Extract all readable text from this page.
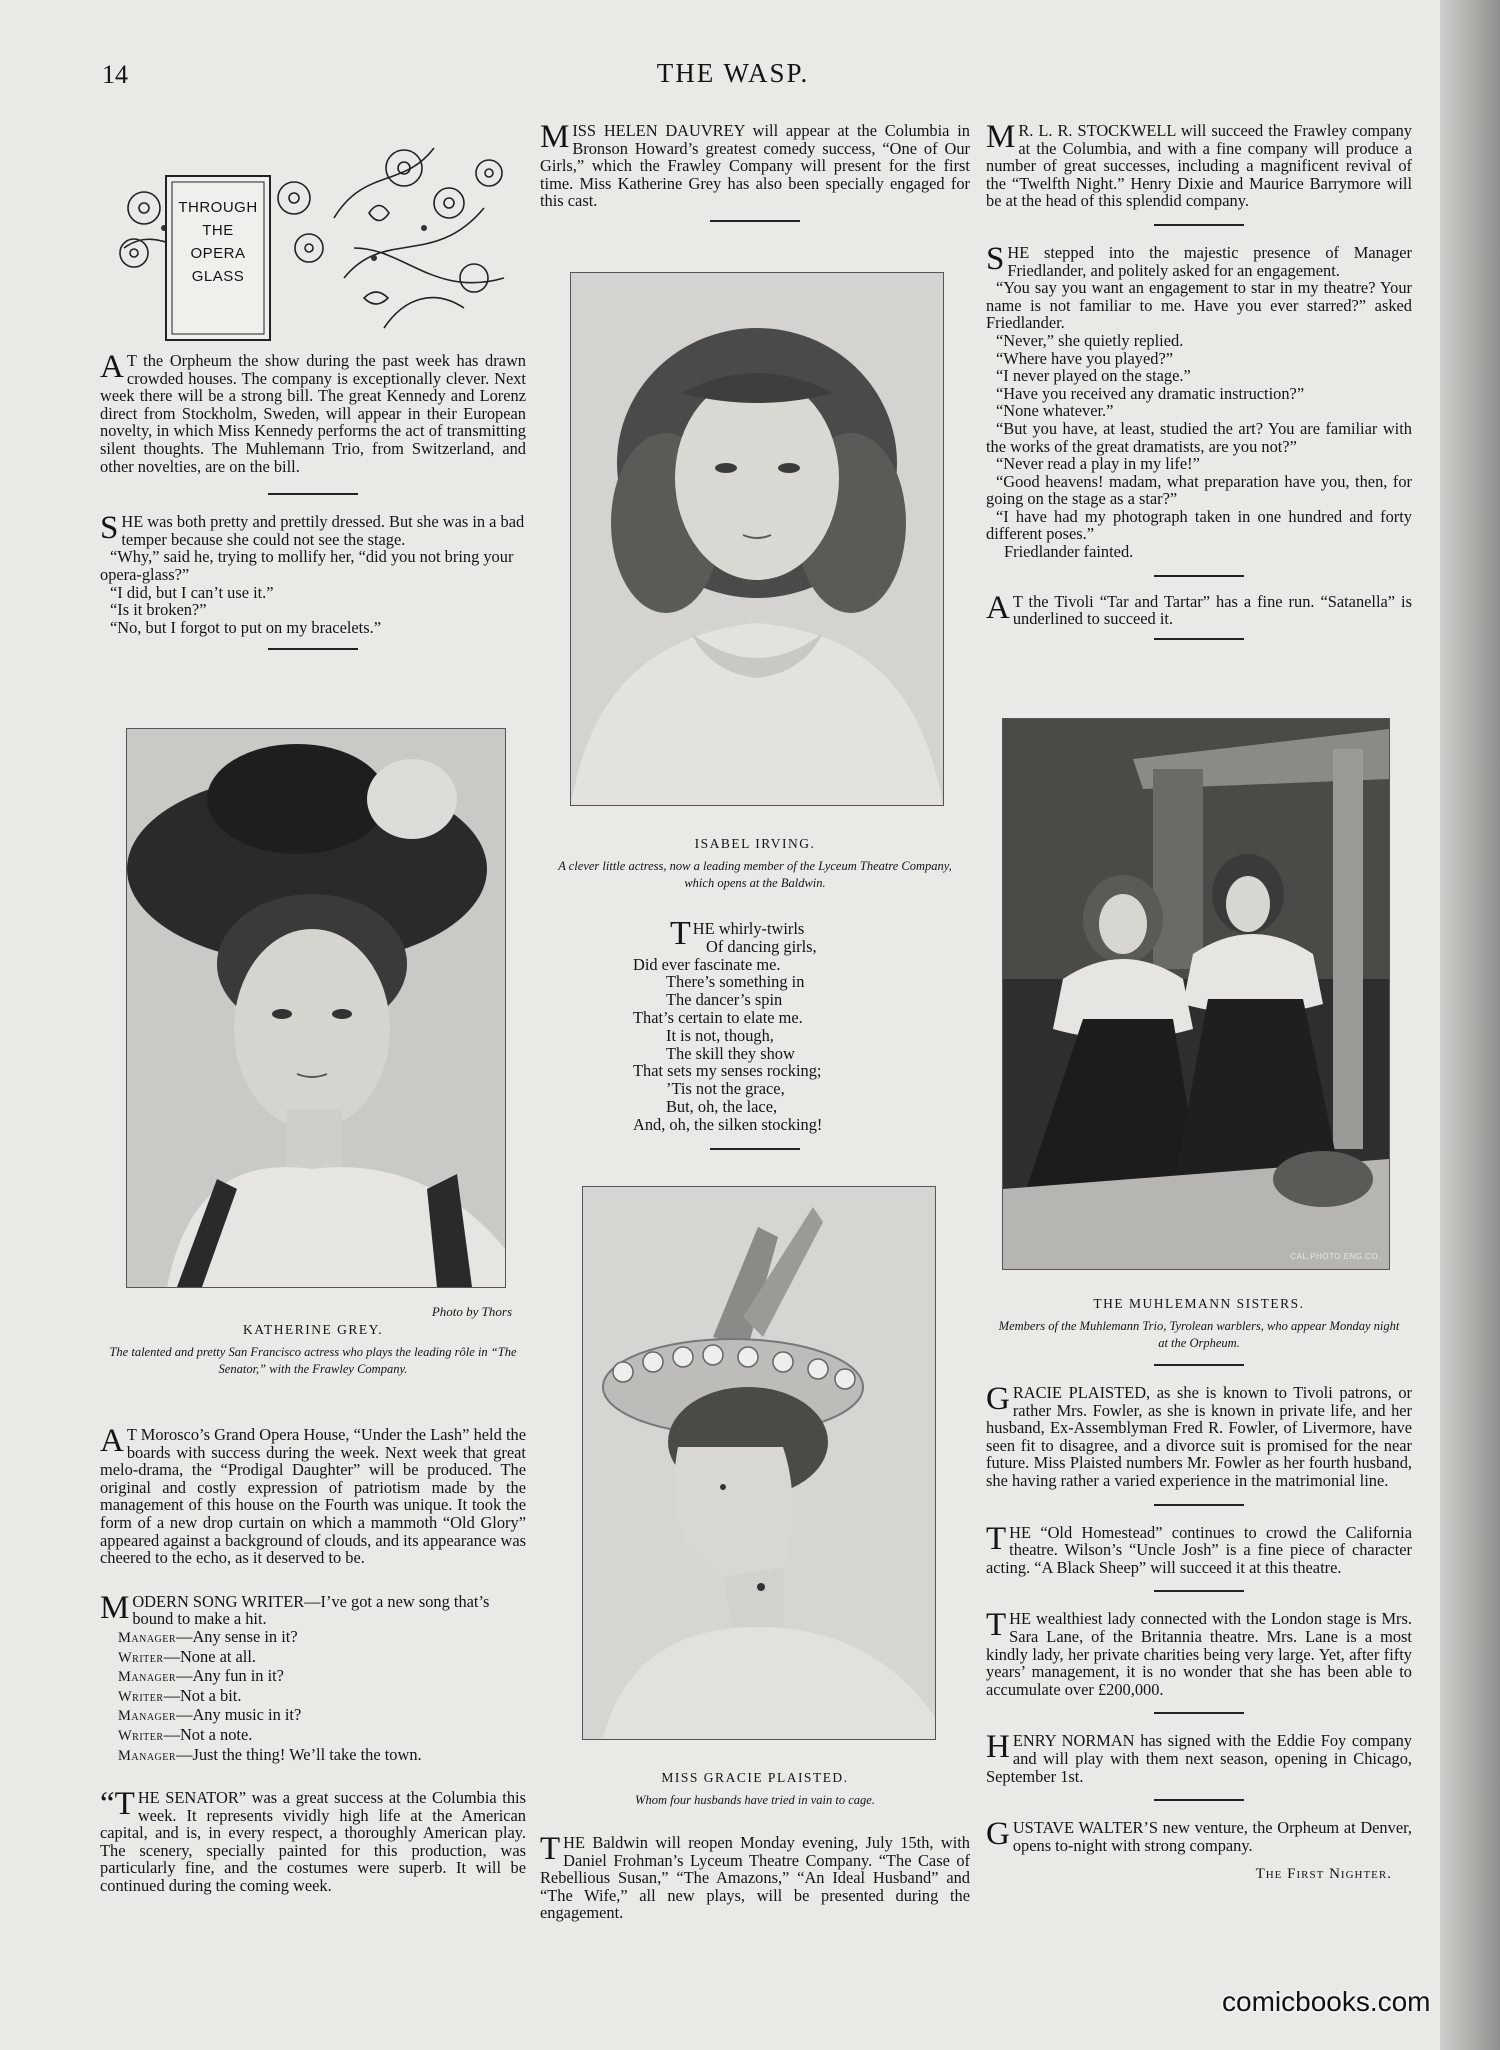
14	THE WASP.
THROUGH
THE
OPERA
GLASS

A T the Orpheum the show during the past week has drawn crowded houses. The company is exceptionally clever. Next week there will be a strong bill. The great Kennedy and Lorenz direct from Stockholm, Sweden, will appear in their European novelty, in which Miss Kennedy performs the act of transmitting silent thoughts. The Muhlemann Trio, from Switzerland, and other novelties, are on the bill.

SHE was both pretty and prettily dressed. But she was in a bad temper because she could not see the stage.

“Why,” said he, trying to mollify her, “did you not bring your opera-glass?”

“I did, but I can’t use it.”

“Is it broken?”

“No, but I forgot to put on my bracelets.”

Photo by Thors

KATHERINE GREY.

The talented and pretty San Francisco actress who plays the leading rôle in “The Senator,” with the Frawley Company.

A T Morosco’s Grand Opera House, “Under the Lash” held the boards with success during the week. Next week that great melo-drama, the “Prodigal Daughter” will be produced. The original and costly expression of patriotism made by the management of this house on the Fourth was unique. It took the form of a new drop curtain on which a mammoth “Old Glory” appeared against a background of clouds, and its appearance was cheered to the echo, as it deserved to be.

MODERN SONG WRITER—I’ve got a new song that’s bound to make a hit.

Manager—Any sense in it?

Writer—None at all.

Manager—Any fun in it?

Writer—Not a bit.

Manager—Any music in it?

Writer—Not a note.

Manager—Just the thing! We’ll take the town.

“THE SENATOR” was a great success at the Columbia this week. It represents vividly high life at the American capital, and is, in every respect, a thoroughly American play. The scenery, specially painted for this production, was particularly fine, and the costumes were superb. It will be continued during the coming week.

MISS HELEN DAUVREY will appear at the Columbia in Bronson Howard’s greatest comedy success, “One of Our Girls,” which the Frawley Company will present for the first time. Miss Katherine Grey has also been specially engaged for this cast.

ISABEL IRVING.

A clever little actress, now a leading member of the Lyceum Theatre Company, which opens at the Baldwin.

THE whirly-twirls
Of dancing girls,
Did ever fascinate me.
There’s something in
The dancer’s spin
That’s certain to elate me.
It is not, though,
The skill they show
That sets my senses rocking;
’Tis not the grace,
But, oh, the lace,
And, oh, the silken stocking!

MISS GRACIE PLAISTED.

Whom four husbands have tried in vain to cage.

THE Baldwin will reopen Monday evening, July 15th, with Daniel Frohman’s Lyceum Theatre Company. “The Case of Rebellious Susan,” “The Amazons,” “An Ideal Husband” and “The Wife,” all new plays, will be presented during the engagement.

M R. L. R. STOCKWELL will succeed the Frawley company at the Columbia, and with a fine company will produce a number of great successes, including a magnificent revival of the “Twelfth Night.” Henry Dixie and Maurice Barrymore will be at the head of this splendid company.

SHE stepped into the majestic presence of Manager Friedlander, and politely asked for an engagement.

“You say you want an engagement to star in my theatre? Your name is not familiar to me. Have you ever starred?” asked Friedlander.

“Never,” she quietly replied.

“Where have you played?”

“I never played on the stage.”

“Have you received any dramatic instruction?”

“None whatever.”

“But you have, at least, studied the art? You are familiar with the works of the great dramatists, are you not?”

“Never read a play in my life!”

“Good heavens! madam, what preparation have you, then, for going on the stage as a star?”

“I have had my photograph taken in one hundred and forty different poses.”

Friedlander fainted.

A T the Tivoli “Tar and Tartar” has a fine run. “Satanella” is underlined to succeed it.

CAL.PHOTO.ENG.CO.

THE MUHLEMANN SISTERS.

Members of the Muhlemann Trio, Tyrolean warblers, who appear Monday night at the Orpheum.

GRACIE PLAISTED, as she is known to Tivoli patrons, or rather Mrs. Fowler, as she is known in private life, and her husband, Ex-Assemblyman Fred R. Fowler, of Livermore, have seen fit to disagree, and a divorce suit is promised for the near future. Miss Plaisted numbers Mr. Fowler as her fourth husband, she having rather a varied experience in the matrimonial line.

THE “Old Homestead” continues to crowd the California theatre. Wilson’s “Uncle Josh” is a fine piece of character acting. “A Black Sheep” will succeed it at this theatre.

THE wealthiest lady connected with the London stage is Mrs. Sara Lane, of the Britannia theatre. Mrs. Lane is a most kindly lady, her private charities being very large. Yet, after fifty years’ management, it is no wonder that she has been able to accumulate over £200,000.

HENRY NORMAN has signed with the Eddie Foy company and will play with them next season, opening in Chicago, September 1st.

GUSTAVE WALTER’S new venture, the Orpheum at Denver, opens to-night with strong company.

The First Nighter.

comicbooks.com
